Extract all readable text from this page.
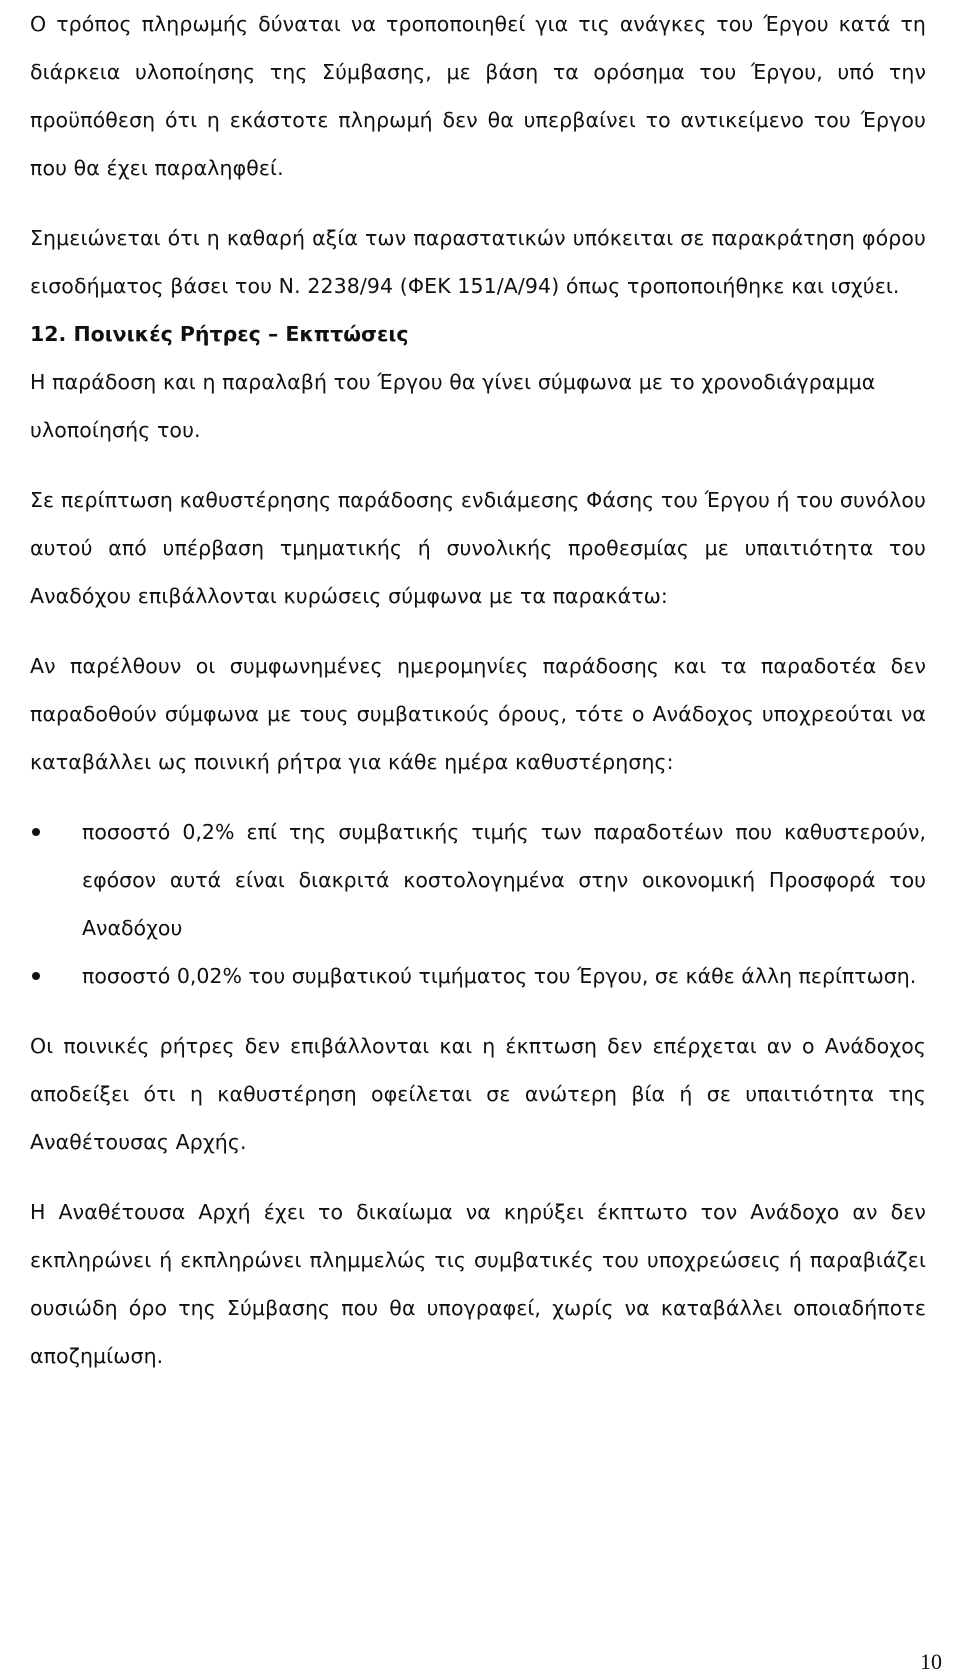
Ο τρόπος πληρωμής δύναται να τροποποιηθεί για τις ανάγκες του Έργου κατά τη διάρκεια υλοποίησης της Σύμβασης, με βάση τα ορόσημα του Έργου, υπό την προϋπόθεση ότι η εκάστοτε πληρωμή δεν θα υπερβαίνει το αντικείμενο του Έργου που θα έχει παραληφθεί.

Σημειώνεται ότι η καθαρή αξία των παραστατικών υπόκειται σε παρακράτηση φόρου εισοδήματος βάσει του Ν. 2238/94 (ΦΕΚ 151/Α/94) όπως τροποποιήθηκε και ισχύει.

12. Ποινικές Ρήτρες – Εκπτώσεις

Η παράδοση και η παραλαβή του Έργου θα γίνει σύμφωνα με το χρονοδιάγραμμα υλοποίησής του.

Σε περίπτωση καθυστέρησης παράδοσης ενδιάμεσης Φάσης του Έργου ή του συνόλου αυτού από υπέρβαση τμηματικής ή συνολικής προθεσμίας με υπαιτιότητα του Αναδόχου επιβάλλονται κυρώσεις σύμφωνα με τα παρακάτω:

Αν παρέλθουν οι συμφωνημένες ημερομηνίες παράδοσης και τα παραδοτέα δεν παραδοθούν σύμφωνα με τους συμβατικούς όρους, τότε ο Ανάδοχος υποχρεούται να καταβάλλει ως ποινική ρήτρα για κάθε ημέρα καθυστέρησης:

ποσοστό 0,2% επί της συμβατικής τιμής των παραδοτέων που καθυστερούν, εφόσον αυτά είναι διακριτά κοστολογημένα στην οικονομική Προσφορά του Αναδόχου
ποσοστό 0,02% του συμβατικού τιμήματος του Έργου, σε κάθε άλλη περίπτωση.

Οι ποινικές ρήτρες δεν επιβάλλονται και η έκπτωση δεν επέρχεται αν ο Ανάδοχος αποδείξει ότι η καθυστέρηση οφείλεται σε ανώτερη βία ή σε υπαιτιότητα της Αναθέτουσας Αρχής.

Η Αναθέτουσα Αρχή έχει το δικαίωμα να κηρύξει έκπτωτο τον Ανάδοχο αν δεν εκπληρώνει ή εκπληρώνει πλημμελώς τις συμβατικές του υποχρεώσεις ή παραβιάζει ουσιώδη όρο της Σύμβασης που θα υπογραφεί, χωρίς να καταβάλλει οποιαδήποτε αποζημίωση.

10
